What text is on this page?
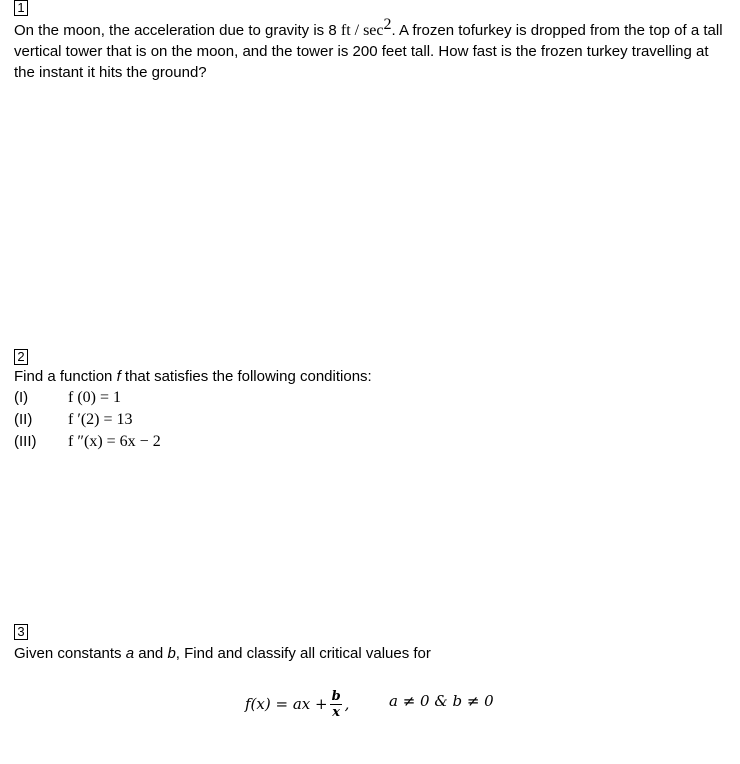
1
On the moon, the acceleration due to gravity is 8 ft / $\sec^2$. A frozen tofurkey is dropped from the top of a tall vertical tower that is on the moon, and the tower is 200 feet tall. How fast is the frozen turkey travelling at the instant it hits the ground?
2
Find a function f that satisfies the following conditions:
(I) f (0) = 1
(II) f ′(2) = 13
(III) f ″(x) = 6x − 2
3
Given constants a and b, Find and classify all critical values for
f(x) = ax + $\frac{b}{x}$ ,	a ≠ 0 & b ≠ 0
